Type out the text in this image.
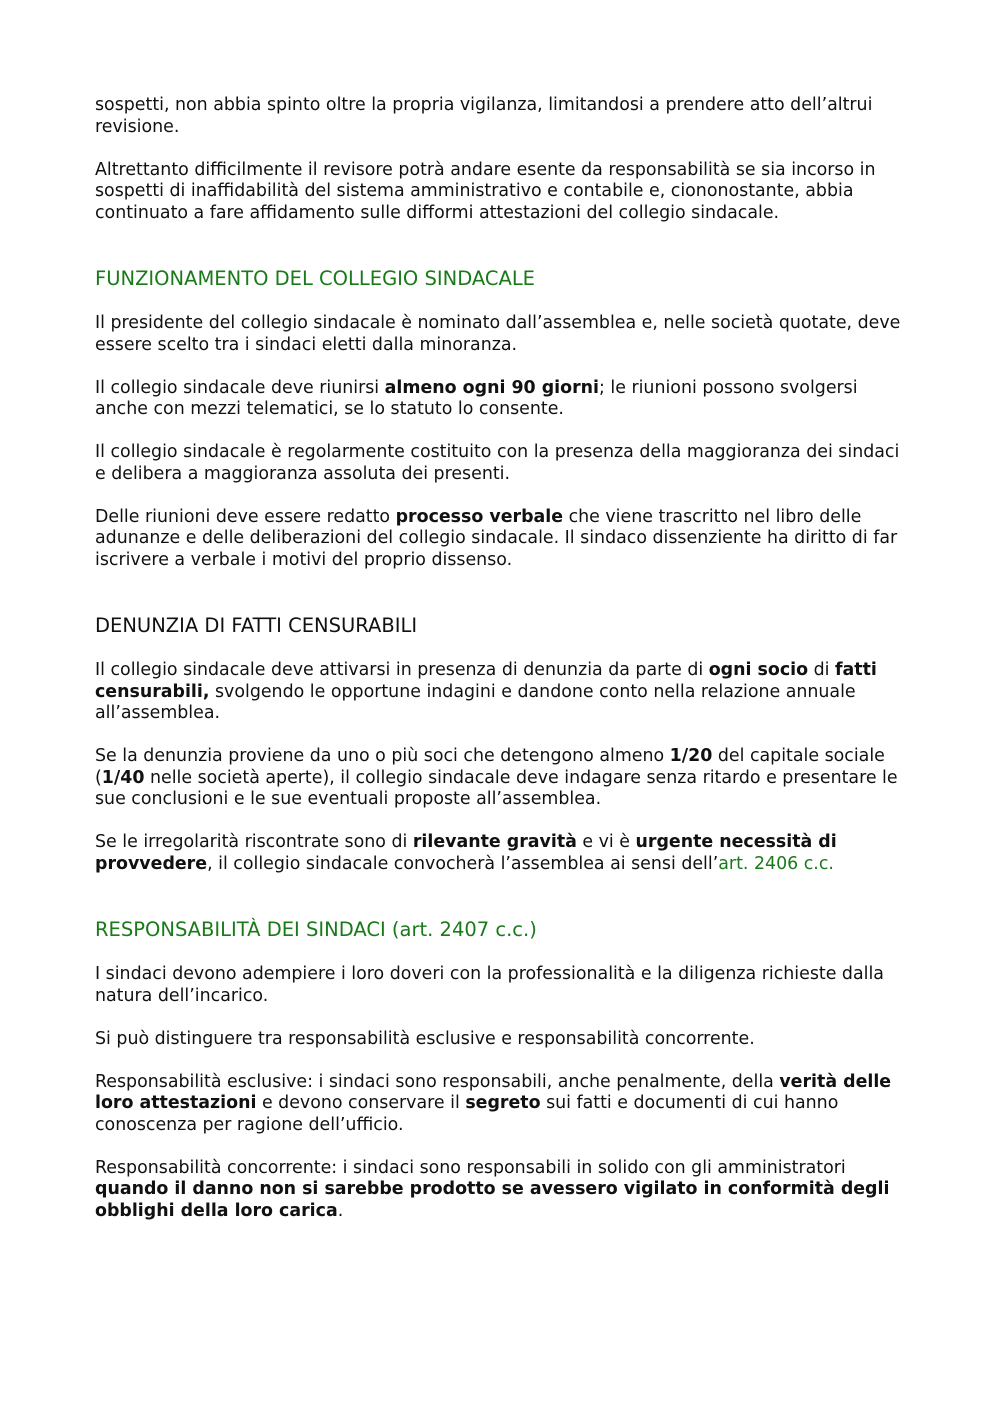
sospetti, non abbia spinto oltre la propria vigilanza, limitandosi a prendere atto dell’altrui revisione.

Altrettanto difficilmente il revisore potrà andare esente da responsabilità se sia incorso in sospetti di inaffidabilità del sistema amministrativo e contabile e, ciononostante, abbia continuato a fare affidamento sulle difformi attestazioni del collegio sindacale.

FUNZIONAMENTO DEL COLLEGIO SINDACALE

Il presidente del collegio sindacale è nominato dall’assemblea e, nelle società quotate, deve essere scelto tra i sindaci eletti dalla minoranza.

Il collegio sindacale deve riunirsi almeno ogni 90 giorni; le riunioni possono svolgersi anche con mezzi telematici, se lo statuto lo consente.

Il collegio sindacale è regolarmente costituito con la presenza della maggioranza dei sindaci e delibera a maggioranza assoluta dei presenti.

Delle riunioni deve essere redatto processo verbale che viene trascritto nel libro delle adunanze e delle deliberazioni del collegio sindacale. Il sindaco dissenziente ha diritto di far iscrivere a verbale i motivi del proprio dissenso.

DENUNZIA DI FATTI CENSURABILI

Il collegio sindacale deve attivarsi in presenza di denunzia da parte di ogni socio di fatti censurabili, svolgendo le opportune indagini e dandone conto nella relazione annuale all’assemblea.

Se la denunzia proviene da uno o più soci che detengono almeno 1/20 del capitale sociale (1/40 nelle società aperte), il collegio sindacale deve indagare senza ritardo e presentare le sue conclusioni e le sue eventuali proposte all’assemblea.

Se le irregolarità riscontrate sono di rilevante gravità e vi è urgente necessità di provvedere, il collegio sindacale convocherà l’assemblea ai sensi dell’art. 2406 c.c.

RESPONSABILITÀ DEI SINDACI (art. 2407 c.c.)

I sindaci devono adempiere i loro doveri con la professionalità e la diligenza richieste dalla natura dell’incarico.

Si può distinguere tra responsabilità esclusive e responsabilità concorrente.

Responsabilità esclusive: i sindaci sono responsabili, anche penalmente, della verità delle loro attestazioni e devono conservare il segreto sui fatti e documenti di cui hanno conoscenza per ragione dell’ufficio.

Responsabilità concorrente: i sindaci sono responsabili in solido con gli amministratori quando il danno non si sarebbe prodotto se avessero vigilato in conformità degli obblighi della loro carica.
